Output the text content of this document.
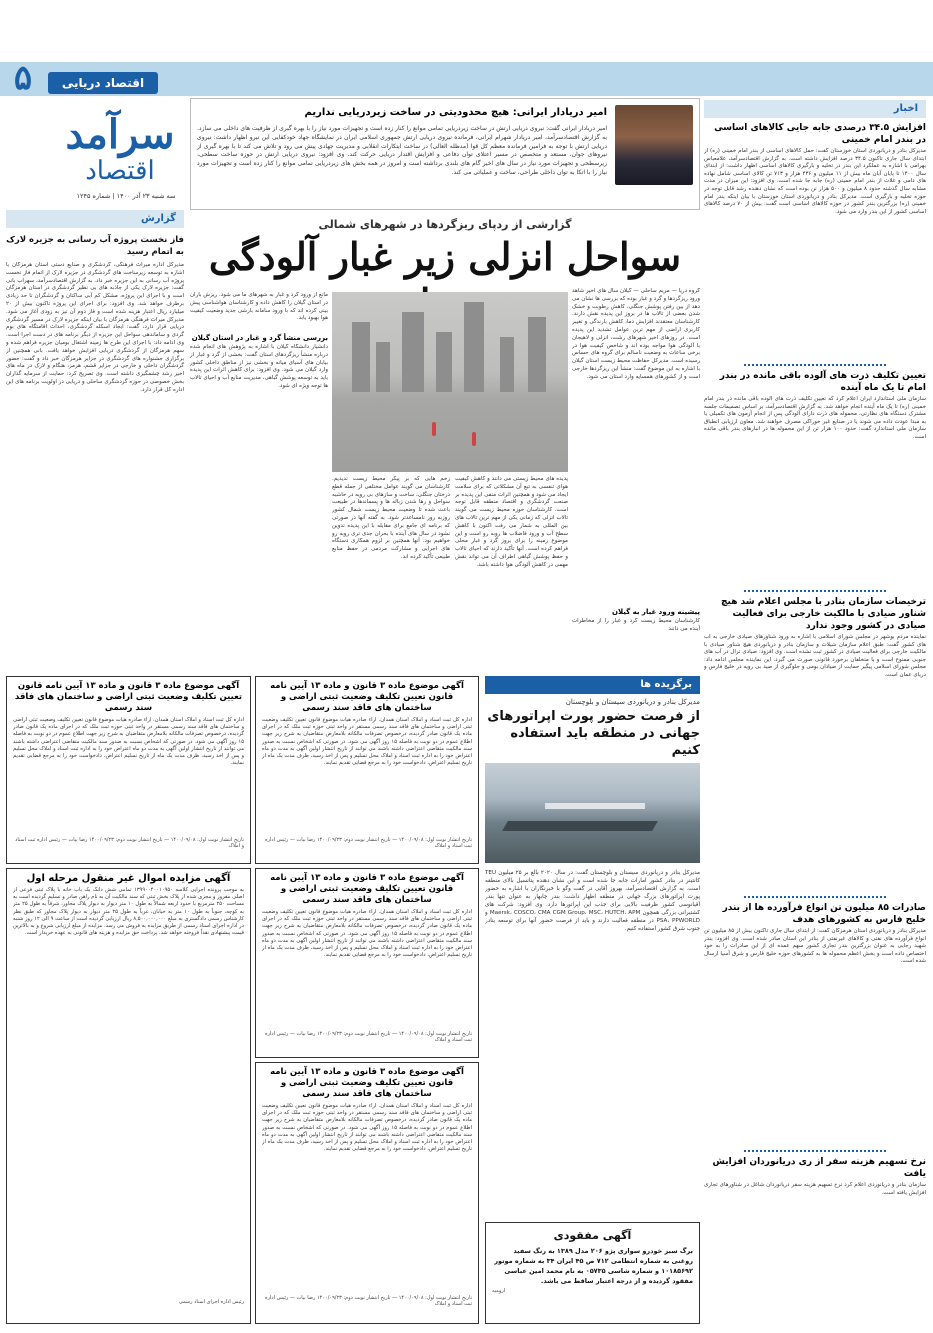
۵	اقتصاد دریایی
سرآمد
اقتصاد
سه شنبه ۲۳ آذر ۱۴۰۰ | شماره ۱۲۴۵
امیر دریادار ایرانی: هیچ محدودیتی در ساخت زیردریایی نداریم
امیر دریادار ایرانی گفت: نیروی دریایی ارتش در ساخت زیردریایی تمامی موانع را کنار زده است و تجهیزات مورد نیاز را با بهره گیری از ظرفیت های داخلی می سازد. به گزارش اقتصادسرآمد، امیر دریادار شهرام ایرانی، فرمانده نیروی دریایی ارتش جمهوری اسلامی ایران در نمایشگاه جهاد خودکفایی این نیرو اظهار داشت: نیروی دریایی ارتش با توجه به فرامین فرمانده معظم کل قوا (مدظله العالی) در ساخت ابتکارات انقلابی و مدیریت جهادی پیش می رود و تلاش می کند تا با بهره گیری از نیروهای جوان، مستعد و متخصص در مسیر اعتلای توان دفاعی و افزایش اقتدار دریایی حرکت کند. وی افزود: نیروی دریایی ارتش در حوزه ساخت سطحی، زیرسطحی و تجهیزات مورد نیاز در سال های اخیر گام های بلندی برداشته است و امروز در همه بخش های زیردریایی تمامی موانع را کنار زده است و تجهیزات مورد نیاز را با اتکا به توان داخلی طراحی، ساخت و عملیاتی می کند.
اخبار
افزایش ۳۴.۵ درصدی جابه جایی کالاهای اساسی در بندر امام خمینی
مدیرکل بنادر و دریانوردی استان خوزستان گفت: حمل کالاهای اساسی از بندر امام خمینی (ره) از ابتدای سال جاری تاکنون ۳۴.۵ درصد افزایش داشته است. به گزارش اقتصادسرآمد، غلامعباس بهرامی با اشاره به عملکرد این بندر در تخلیه و بارگیری کالاهای اساسی اظهار داشت: از ابتدای سال ۱۴۰۰ تا پایان آبان ماه بیش از ۱۱ میلیون و ۴۳۶ هزار و ۷۱۳ تن کالای اساسی شامل نهاده های دامی و غلات از بندر امام خمینی (ره) جابه جا شده است. وی افزود: این میزان در مدت مشابه سال گذشته حدود ۸ میلیون و ۵۰۰ هزار تن بوده است که نشان دهنده رشد قابل توجه در حوزه تخلیه و بارگیری است. مدیرکل بنادر و دریانوردی استان خوزستان با بیان اینکه بندر امام خمینی (ره) بزرگترین بندر کشور در حوزه کالاهای اساسی است گفت: بیش از ۷۰ درصد کالاهای اساسی کشور از این بندر وارد می شود.
تعیین تکلیف ذرت های آلوده باقی مانده در بندر امام تا یک ماه آینده
سازمان ملی استاندارد ایران اعلام کرد که تعیین تکلیف ذرت های آلوده باقی مانده در بندر امام خمینی (ره) تا یک ماه آینده انجام خواهد شد. به گزارش اقتصادسرآمد، بر اساس تصمیمات جلسه مشترک دستگاه های نظارتی، محموله های ذرت دارای آلودگی پس از انجام آزمون های تکمیلی یا به مبدا عودت داده می شوند یا در صنایع غیر خوراکی مصرف خواهند شد. معاون ارزیابی انطباق سازمان ملی استاندارد گفت: حدود ۱۰۰ هزار تن از این محموله ها در انبارهای بندر باقی مانده است.
ترخیصات سازمان بنادر با مجلس اعلام شد هیچ شناور صیادی با مالکیت خارجی برای فعالیت صیادی در کشور وجود ندارد
نماینده مردم بوشهر در مجلس شورای اسلامی با اشاره به ورود شناورهای صیادی خارجی به آب های کشور گفت: طبق اعلام سازمان شیلات و سازمان بنادر و دریانوردی هیچ شناور صیادی با مالکیت خارجی برای فعالیت صیادی در کشور ثبت نشده است. وی افزود: صیادی ترال در آب های جنوبی ممنوع است و با متخلفان برخورد قانونی صورت می گیرد. این نماینده مجلس ادامه داد: مجلس شورای اسلامی پیگیر حمایت از صیادان بومی و جلوگیری از صید بی رویه در خلیج فارس و دریای عمان است.
صادرات ۸۵ میلیون تن انواع فرآورده ها از بندر خلیج فارس به کشورهای هدف
مدیرکل بنادر و دریانوردی استان هرمزگان گفت: از ابتدای سال جاری تاکنون بیش از ۸۵ میلیون تن انواع فرآورده های نفتی و کالاهای غیرنفتی از بنادر این استان صادر شده است. وی افزود: بندر شهید رجایی به عنوان بزرگترین بندر تجاری کشور سهم عمده ای از این صادرات را به خود اختصاص داده است و بخش اعظم محموله ها به کشورهای حوزه خلیج فارس و شرق آسیا ارسال شده است.
نرخ تسهیم هزینه سفر از ری دریانوردان افزایش یافت
سازمان بنادر و دریانوردی اعلام کرد نرخ تسهیم هزینه سفر دریانوردان شاغل در شناورهای تجاری افزایش یافته است.
گزارش
فاز نخست پروژه آب رسانی به جزیره لارک به اتمام رسید
مدیرکل اداره میراث فرهنگی، گردشگری و صنایع دستی استان هرمزگان با اشاره به توسعه زیرساخت های گردشگری در جزیره لارک از اتمام فاز نخست پروژه آب رسانی به این جزیره خبر داد. به گزارش اقتصادسرآمد، سهراب بانی گفت: جزیره لارک یکی از جاذبه های بی نظیر گردشگری در استان هرمزگان است و با اجرای این پروژه، مشکل کم آبی ساکنان و گردشگران تا حد زیادی برطرف خواهد شد. وی افزود: برای اجرای این پروژه تاکنون بیش از ۲۰ میلیارد ریال اعتبار هزینه شده است و فاز دوم آن نیز به زودی آغاز می شود. مدیرکل میراث فرهنگی هرمزگان با بیان اینکه جزیره لارک در مسیر گردشگری دریایی قرار دارد، گفت: ایجاد اسکله گردشگری، احداث اقامتگاه های بوم گردی و ساماندهی سواحل این جزیره از دیگر برنامه های در دست اجرا است. وی ادامه داد: با اجرای این طرح ها زمینه اشتغال بومیان جزیره فراهم شده و سهم هرمزگان از گردشگری دریایی افزایش خواهد یافت. بانی همچنین از برگزاری جشنواره های گردشگری در جزایر هرمزگان خبر داد و گفت: حضور گردشگران داخلی و خارجی در جزایر قشم، هرمز، هنگام و لارک در ماه های اخیر رشد چشمگیری داشته است. وی تصریح کرد: حمایت از سرمایه گذاران بخش خصوصی در حوزه گردشگری ساحلی و دریایی در اولویت برنامه های این اداره کل قرار دارد.
گزارشی از ردپای ریزگردها در شهرهای شمالی
سواحل انزلی زیر غبار آلودگی
گروه دریا — مریم ساحلی — گیلان سال های اخیر شاهد ورود ریزگردها و گرد و غبار بوده که بررسی ها نشان می دهد از بین رفتن پوشش جنگلی، کاهش رطوبت و خشک شدن بعضی از تالاب ها در بروز این پدیده نقش دارند. کارشناسان معتقدند افزایش دما، کاهش بارندگی و تغییر کاربری اراضی از مهم ترین عوامل تشدید این پدیده است. در روزهای اخیر شهرهای رشت، انزلی و لاهیجان با آلودگی هوا مواجه بوده اند و شاخص کیفیت هوا در برخی ساعات به وضعیت ناسالم برای گروه های حساس رسیده است. مدیرکل حفاظت محیط زیست استان گیلان با اشاره به این موضوع گفت: منشأ این ریزگردها خارجی است و از کشورهای همسایه وارد استان می شود.
پیشینه ورود غبار به گیلان
کارشناسان محیط زیست گرد و غبار را از مخاطرات آینده می دانند
مانع از ورود گرد و غبار به شهرهای ما می شود. ریزش باران در استان گیلان را کاهش داده و کارشناسان هواشناسی پیش بینی کرده اند که با ورود سامانه بارشی جدید وضعیت کیفیت هوا بهبود یابد.
بررسی منشأ گرد و غبار در استان گیلان
دانشیار دانشگاه گیلان با اشاره به پژوهش های انجام شده درباره منشأ ریزگردهای استان گفت: بخشی از گرد و غبار از بیابان های آسیای میانه و بخشی نیز از مناطق داخلی کشور وارد گیلان می شود. وی افزود: برای کاهش اثرات این پدیده باید به توسعه پوشش گیاهی، مدیریت منابع آب و احیای تالاب ها توجه ویژه ای شود.
پدیده های محیط زیستی می دانند و کاهش کیفیت هوای تنفسی به تبع آن مشکلاتی که برای سلامت ایجاد می شود و همچنین اثرات منفی این پدیده بر صنعت گردشگری و اقتصاد منطقه قابل توجه است. کارشناسان حوزه محیط زیست می گویند تالاب انزلی که زمانی یکی از مهم ترین تالاب های بین المللی به شمار می رفت اکنون با کاهش سطح آب و ورود فاضلاب ها روبه رو است و این موضوع زمینه را برای بروز گرد و غبار محلی فراهم کرده است. آنها تأکید دارند که احیای تالاب و حفظ پوشش گیاهی اطراف آن می تواند نقش مهمی در کاهش آلودگی هوا داشته باشد.
زخم هایی که بر پیکر محیط زیست ندیدیم. کارشناسان می گویند عوامل مختلفی از جمله قطع درختان جنگلی، ساخت و سازهای بی رویه در حاشیه سواحل و رها شدن زباله ها و پسماندها در طبیعت باعث شده تا وضعیت محیط زیست شمال کشور روزبه روز نامساعدتر شود. به گفته آنها در صورتی که برنامه ای جامع برای مقابله با این پدیده تدوین نشود در سال های آینده با بحران جدی تری روبه رو خواهیم بود. آنها همچنین بر لزوم همکاری دستگاه های اجرایی و مشارکت مردمی در حفظ منابع طبیعی تأکید کرده اند.
برگزیده ها
مدیرکل بنادر و دریانوردی سیستان و بلوچستان
از فرصت حضور پورت اپراتورهای جهانی در منطقه باید استفاده کنیم
مدیرکل بنادر و دریانوردی سیستان و بلوچستان گفت: در سال ۲۰۲۰ بالغ بر ۲۵ میلیون TEU کانتینر در بنادر کشور امارات جابه جا شده است و این نشان دهنده پتانسیل بالای منطقه است. به گزارش اقتصادسرآمد، بهروز آقایی در گفت وگو با خبرنگاران با اشاره به حضور پورت اپراتورهای بزرگ جهانی در منطقه اظهار داشت: بندر چابهار به عنوان تنها بندر اقیانوسی کشور ظرفیت بالایی برای جذب این اپراتورها دارد. وی افزود: شرکت های کشتیرانی بزرگی همچون Maersk، COSCO، CMA CGM Group، MSC، HUTCH، APM و PSA، PPWORLD در منطقه فعالیت دارند و باید از فرصت حضور آنها برای توسعه بنادر جنوب شرق کشور استفاده کنیم.
آگهی موضوع ماده ۳ قانون و ماده ۱۳ آیین نامه قانون تعیین تکلیف وضعیت ثبتی اراضی و ساختمان های فاقد سند رسمی
اداره کل ثبت اسناد و املاک استان همدان. آراء صادره هیات موضوع قانون تعیین تکلیف وضعیت ثبتی اراضی و ساختمان های فاقد سند رسمی مستقر در واحد ثبتی حوزه ثبت ملک که در اجرای ماده یک قانون صادر گردیده، درخصوص تصرفات مالکانه بلامعارض متقاضیان به شرح زیر جهت اطلاع عموم در دو نوبت به فاصله ۱۵ روز آگهی می شود. در صورتی که اشخاص نسبت به صدور سند مالکیت متقاضی اعتراضی داشته باشند می توانند از تاریخ انتشار اولین آگهی به مدت دو ماه اعتراض خود را به اداره ثبت اسناد و املاک محل تسلیم و پس از اخذ رسید، ظرف مدت یک ماه از تاریخ تسلیم اعتراض، دادخواست خود را به مرجع قضایی تقدیم نمایند.
تاریخ انتشار نوبت اول: ۱۴۰۰/۰۹/۰۸ — تاریخ انتشار نوبت دوم: ۱۴۰۰/۰۹/۲۳ رضا بیات — رئیس اداره ثبت اسناد و املاک
آگهی موضوع ماده ۳ قانون و ماده ۱۳ آیین نامه قانون تعیین تکلیف وضعیت ثبتی اراضی و ساختمان های فاقد سند رسمی
اداره کل ثبت اسناد و املاک استان همدان. آراء صادره هیات موضوع قانون تعیین تکلیف وضعیت ثبتی اراضی و ساختمان های فاقد سند رسمی مستقر در واحد ثبتی حوزه ثبت ملک که در اجرای ماده یک قانون صادر گردیده، درخصوص تصرفات مالکانه بلامعارض متقاضیان به شرح زیر جهت اطلاع عموم در دو نوبت به فاصله ۱۵ روز آگهی می شود. در صورتی که اشخاص نسبت به صدور سند مالکیت متقاضی اعتراضی داشته باشند می توانند از تاریخ انتشار اولین آگهی به مدت دو ماه اعتراض خود را به اداره ثبت اسناد و املاک محل تسلیم و پس از اخذ رسید، ظرف مدت یک ماه از تاریخ تسلیم اعتراض، دادخواست خود را به مرجع قضایی تقدیم نمایند.
تاریخ انتشار نوبت اول: ۱۴۰۰/۰۹/۰۸ — تاریخ انتشار نوبت دوم: ۱۴۰۰/۰۹/۲۳ رضا بیات — رئیس اداره ثبت اسناد و املاک
آگهی موضوع ماده ۳ قانون و ماده ۱۳ آیین نامه قانون تعیین تکلیف وضعیت ثبتی اراضی و ساختمان های فاقد سند رسمی
اداره کل ثبت اسناد و املاک استان همدان. آراء صادره هیات موضوع قانون تعیین تکلیف وضعیت ثبتی اراضی و ساختمان های فاقد سند رسمی مستقر در واحد ثبتی حوزه ثبت ملک که در اجرای ماده یک قانون صادر گردیده، درخصوص تصرفات مالکانه بلامعارض متقاضیان به شرح زیر جهت اطلاع عموم در دو نوبت به فاصله ۱۵ روز آگهی می شود. در صورتی که اشخاص نسبت به صدور سند مالکیت متقاضی اعتراضی داشته باشند می توانند از تاریخ انتشار اولین آگهی به مدت دو ماه اعتراض خود را به اداره ثبت اسناد و املاک محل تسلیم و پس از اخذ رسید، ظرف مدت یک ماه از تاریخ تسلیم اعتراض، دادخواست خود را به مرجع قضایی تقدیم نمایند.
تاریخ انتشار نوبت اول: ۱۴۰۰/۰۹/۰۸ — تاریخ انتشار نوبت دوم: ۱۴۰۰/۰۹/۲۳ رضا بیات — رئیس اداره ثبت اسناد و املاک
آگهی موضوع ماده ۳ قانون و ماده ۱۳ آیین نامه قانون تعیین تکلیف وضعیت ثبتی اراضی و ساختمان های فاقد سند رسمی
اداره کل ثبت اسناد و املاک استان همدان. آراء صادره هیات موضوع قانون تعیین تکلیف وضعیت ثبتی اراضی و ساختمان های فاقد سند رسمی مستقر در واحد ثبتی حوزه ثبت ملک که در اجرای ماده یک قانون صادر گردیده، درخصوص تصرفات مالکانه بلامعارض متقاضیان به شرح زیر جهت اطلاع عموم در دو نوبت به فاصله ۱۵ روز آگهی می شود. در صورتی که اشخاص نسبت به صدور سند مالکیت متقاضی اعتراضی داشته باشند می توانند از تاریخ انتشار اولین آگهی به مدت دو ماه اعتراض خود را به اداره ثبت اسناد و املاک محل تسلیم و پس از اخذ رسید، ظرف مدت یک ماه از تاریخ تسلیم اعتراض، دادخواست خود را به مرجع قضایی تقدیم نمایند.
تاریخ انتشار نوبت اول: ۱۴۰۰/۰۹/۰۸ — تاریخ انتشار نوبت دوم: ۱۴۰۰/۰۹/۲۳ رضا بیات — رئیس اداره ثبت اسناد و املاک
آگهی مزایده اموال غیر منقول مرحله اول
به موجب پرونده اجرایی کلاسه ۱۳۹۹۰۰۴۰۰۱۰۹۵۰ تمامی شش دانگ یک باب خانه با پلاک ثبتی فرعی از اصلی مفروز و مجزی شده از پلاک بخش ثبتی که سند مالکیت آن به نام راهن صادر و تسلیم گردیده است به مساحت ۲۵۰ مترمربع با حدود اربعه شمالاً به طول ۱۰ متر دیوار به دیوار پلاک مجاور، شرقاً به طول ۲۵ متر به کوچه، جنوباً به طول ۱۰ متر به خیابان، غرباً به طول ۲۵ متر دیوار به دیوار پلاک مجاور که طبق نظر کارشناس رسمی دادگستری به مبلغ ۸,۵۰۰,۰۰۰,۰۰۰ ریال ارزیابی گردیده است از ساعت ۹ الی ۱۲ روز شنبه در اداره اجرای اسناد رسمی از طریق مزایده به فروش می رسد. مزایده از مبلغ ارزیابی شروع و به بالاترین قیمت پیشنهادی نقداً فروخته خواهد شد. پرداخت حق مزایده و هزینه های قانونی به عهده خریدار است.
رئیس اداره اجرای اسناد رسمی
آگهی مفقودی
برگ سبز خودرو سواری پژو ۲۰۶ مدل ۱۳۸۹ به رنگ سفید روغنی به شماره انتظامی ۷۱۲ ص ۴۵ ایران ۳۴ به شماره موتور ۱۰۱۸۵۶۹۲ و شماره شاسی ۰۵۷۳۵ به نام محمد امین عباسی مفقود گردیده و از درجه اعتبار ساقط می باشد.
ارومیه
